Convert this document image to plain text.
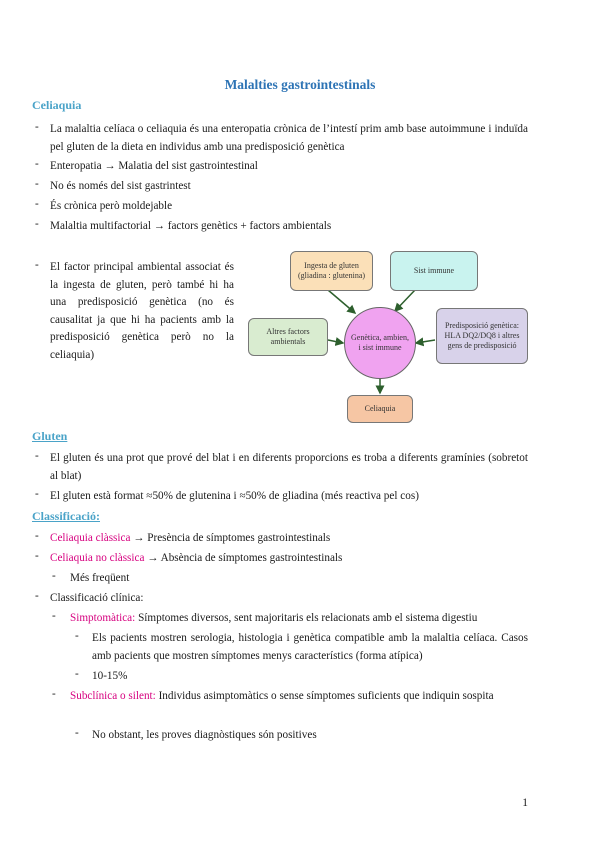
Malalties gastrointestinals
Celiaquia
-	La malaltia celíaca o celiaquia és una enteropatia crònica de l’intestí prim amb base autoimmune i induïda pel gluten de la dieta en individus amb una predisposició genètica
-	Enteropatia → Malatia del sist gastrointestinal
-	No és només del sist gastrintest
-	És crònica però moldejable
-	Malaltia multifactorial → factors genètics + factors ambientals
-	El factor principal ambiental associat és la ingesta de gluten, però també hi ha una predisposició genètica (no és causalitat ja que hi ha pacients amb la predisposició genètica però no la celiaquia)
Ingesta de gluten (gliadina : glutenina)
Sist immune
Altres factors ambientals	Genètica, ambien, i sist immune
Predisposició genètica: HLA DQ2/DQ8 i altres gens de predisposició
Celiaquia
Gluten
-	El gluten és una prot que prové del blat i en diferents proporcions es troba a diferents gramínies (sobretot al blat)
-	El gluten està format ≈50% de glutenina i ≈50% de gliadina (més reactiva pel cos)
Classificació:
-	Celiaquia clàssica → Presència de símptomes gastrointestinals
-	Celiaquia no clàssica → Absència de símptomes gastrointestinals
-	Més freqüent
-	Classificació clínica:
-	Simptomàtica: Símptomes diversos, sent majoritaris els relacionats amb el sistema digestiu
-	Els pacients mostren serologia, histologia i genètica compatible amb la malaltia celíaca. Casos amb pacients que mostren símptomes menys característics (forma atípica)
-	10-15%
-	Subclínica o silent: Individus asimptomàtics o sense símptomes suficients que indiquin sospita
-	No obstant, les proves diagnòstiques són positives
1
